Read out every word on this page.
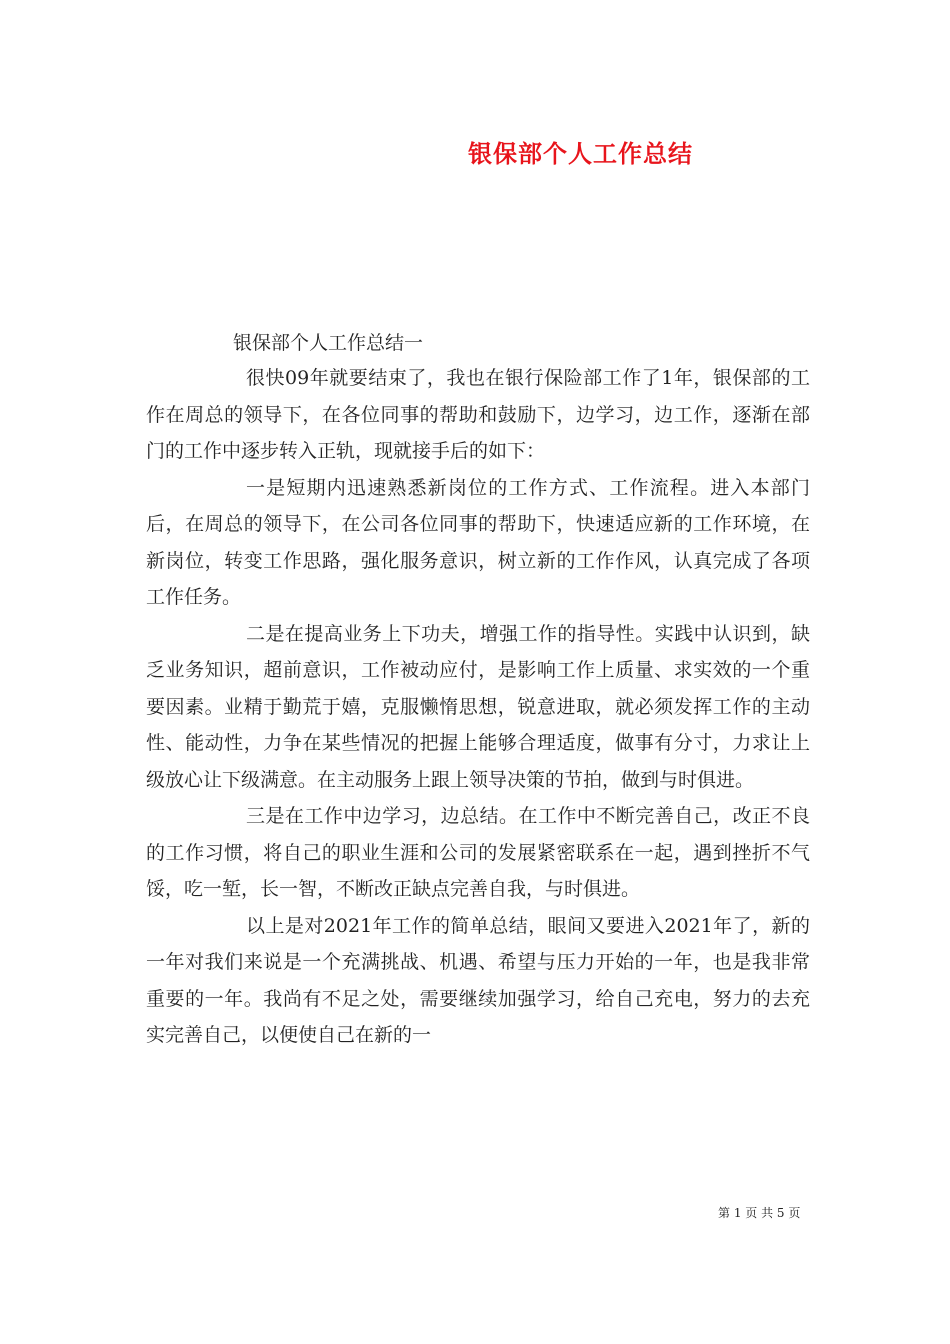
银保部个人工作总结
银保部个人工作总结一

很快09年就要结束了，我也在银行保险部工作了1年，银保部的工作在周总的领导下，在各位同事的帮助和鼓励下，边学习，边工作，逐渐在部门的工作中逐步转入正轨，现就接手后的如下：

一是短期内迅速熟悉新岗位的工作方式、工作流程。进入本部门后，在周总的领导下，在公司各位同事的帮助下，快速适应新的工作环境，在新岗位，转变工作思路，强化服务意识，树立新的工作作风，认真完成了各项工作任务。

二是在提高业务上下功夫，增强工作的指导性。实践中认识到，缺乏业务知识，超前意识，工作被动应付，是影响工作上质量、求实效的一个重要因素。业精于勤荒于嬉，克服懒惰思想，锐意进取，就必须发挥工作的主动性、能动性，力争在某些情况的把握上能够合理适度，做事有分寸，力求让上级放心让下级满意。在主动服务上跟上领导决策的节拍，做到与时俱进。

三是在工作中边学习，边总结。在工作中不断完善自己，改正不良的工作习惯，将自己的职业生涯和公司的发展紧密联系在一起，遇到挫折不气馁，吃一堑，长一智，不断改正缺点完善自我，与时俱进。

以上是对2021年工作的简单总结，眼间又要进入2021年了，新的一年对我们来说是一个充满挑战、机遇、希望与压力开始的一年，也是我非常重要的一年。我尚有不足之处，需要继续加强学习，给自己充电，努力的去充实完善自己，以便使自己在新的一

第 1 页 共 5 页
